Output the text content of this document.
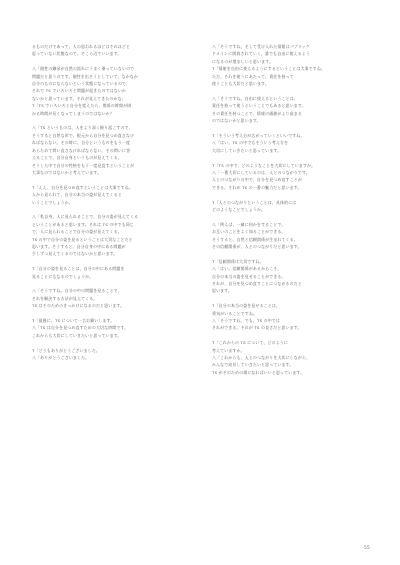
るものだけであって、人の思われるほどはそれほどと
思っていない状態なので、そこら辺でいいます。
八「個性の継承が自然の流れにうまく乗っていないので
問題だと思うのです。個性を出そうとしていて、なかなか
自分のものにならないという状態になっているので、
それで TS でいろいろと問題が起きたのではないか
ないかと思っています。それが見えてきたのかな」
T「TS でいろいろと自分を変えたら、関係の時間が掛
かる時間が長くなってしまうのではないか？
八「TS というものは、人をより深く掘り起こすので、
そうすると自然な形で、根元から自分を見つめ直さなけ
ればならない。その時に、自分というものをもう一度
あらためて問い直さなければならない。その問いに答
えることで、自分自身というものが見えてくる。
そうした中で自分の性格をもう一度見直すということが
大事なのではないかと考えています。
T「ええ、自分を見つめ直すということは大事ですね。
人から見られて、自分の本当の姿が見えてくると
いうことでしょうか。
八「私自身、人に見られることで、自分の姿が見えてくる
ということがあると思います。それは TS の中でも同じ
で、人に見られることで自分の姿が見えてくる。
TS の中で自分の姿を見るということは大切なことだと
思います。そうすると、自分自身の中にある問題が
少しずつ見えてくるのではないかと思います。
T「自分の姿を見ることは、自分の中にある問題を
見ることにもなるのでしょうか。
八「そうですね。自分の中の問題を見ることで、
それを解決する方法が見えてくる。
TS はそのためのきっかけになるのだと思います。
T「最後に、TS について一言お願いします。
八「TS は自分を見つめ直すための大切な時間です。
これからも大切にしていきたいと思っています。
T「どうもありがとうございました。
八「ありがとうございました。
八「そうですね。そして受け入れた情報はパブリック
ドメインに開放されていく。誰でも自由に使えるよう
になるのが望ましいと思います。
T「情報を自由に使えるようにするということは大事ですね。
ただ、それを使うにあたって、責任を持って
使うことも大切だと思います。
八「そうですね。自由に使えるということは、
責任を持って使うということでもあると思います。
その責任を持つことで、情報の価値がより高まる
のではないかと思います。
T「そういう考え方が広がっていくといいですね。
八「はい。TS の中でもそういう考え方を
大切にしていきたいと思っています。
T「TS の中で、どのようなことを大切にしていますか。
八「一番大切にしているのは、人とのつながりです。
人とのつながりの中で、自分を見つめ直すことが
できる。それが TS の一番の魅力だと思います。
T「人とのつながりということは、具体的には
どのようなことでしょうか。
八「例えば、一緒に何かをすることで、
お互いのことをよく知ることができる。
そうすると、自然と信頼関係が生まれてくる。
その信頼関係が、人とのつながりだと思います。
T「信頼関係は大切ですね。
八「はい。信頼関係があるからこそ、
自分の本当の姿を見せることができる。
それが、自分を見つめ直すことにつながるのだと
思います。
T「自分の本当の姿を見せることは、
勇気がいることですね。
八「そうですね。でも、TS の中では
それができる。それが TS の良さだと思います。
T「これからの TS について、どのように
考えていますか。
八「これからも、人とのつながりを大切にしながら、
みんなで成長していきたいと思っています。
TS がそのための場になればいいと思っています。
55
